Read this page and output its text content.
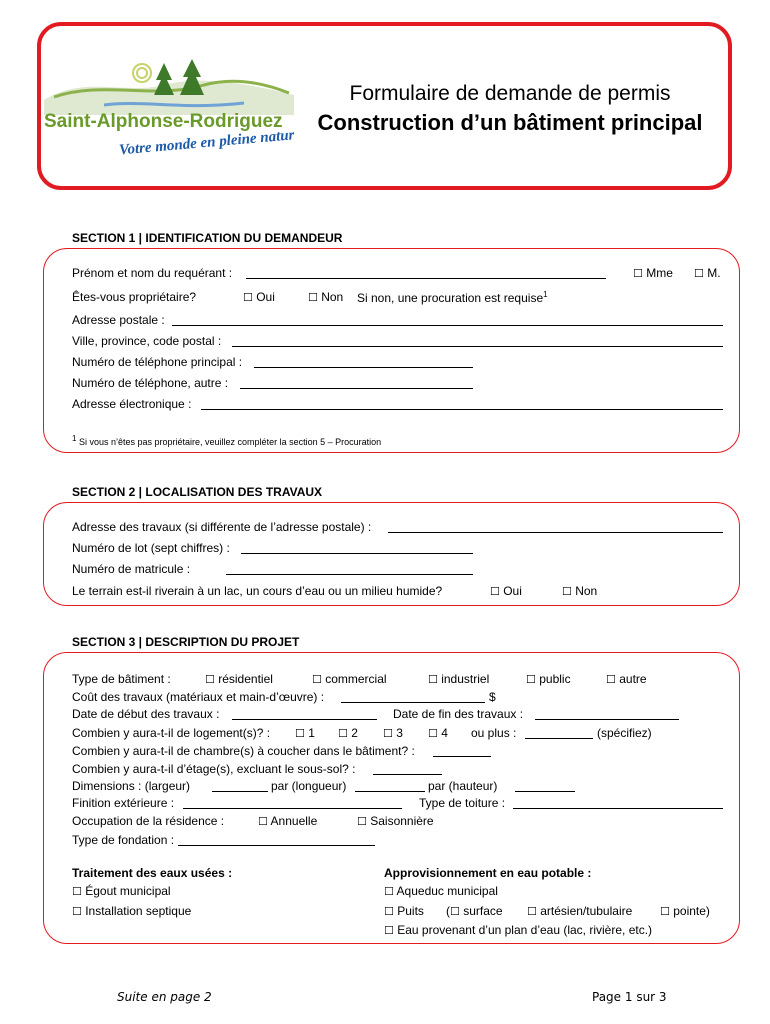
Saint-Alphonse-Rodriguez
Votre monde en pleine nature
Formulaire de demande de permis
Construction d’un bâtiment principal
SECTION 1 | IDENTIFICATION DU DEMANDEUR
Prénom et nom du requérant :	☐ Mme ☐ M.
Êtes-vous propriétaire?	☐ Oui	☐ Non Si non, une procuration est requise$^1$
Adresse postale :
Ville, province, code postal :
Numéro de téléphone principal :
Numéro de téléphone, autre :
Adresse électronique :
1 Si vous n’êtes pas propriétaire, veuillez compléter la section 5 – Procuration
SECTION 2 | LOCALISATION DES TRAVAUX
Adresse des travaux (si différente de l’adresse postale) :
Numéro de lot (sept chiffres) :
Numéro de matricule :
Le terrain est-il riverain à un lac, un cours d’eau ou un milieu humide?	☐ Oui	☐ Non
SECTION 3 | DESCRIPTION DU PROJET
Type de bâtiment :	☐ résidentiel	☐ commercial	☐ industriel	☐ public	☐ autre
Coût des travaux (matériaux et main-d’œuvre) :	$
Date de début des travaux :	Date de fin des travaux :
Combien y aura-t-il de logement(s)? : ☐ 1 ☐ 2 ☐ 3 ☐ 4 ou plus :	(spécifiez)
Combien y aura-t-il de chambre(s) à coucher dans le bâtiment? :
Combien y aura-t-il d’étage(s), excluant le sous-sol? :
Dimensions : (largeur)	par (longueur)	par (hauteur)
Finition extérieure :	Type de toiture :
Occupation de la résidence :	☐ Annuelle	☐ Saisonnière
Type de fondation :
Traitement des eaux usées :
☐ Égout municipal
☐ Installation septique
Approvisionnement en eau potable :
☐ Aqueduc municipal
☐ Puits (☐ surface ☐ artésien/tubulaire	☐ pointe)
☐ Eau provenant d’un plan d’eau (lac, rivière, etc.)
Suite en page 2	Page 1 sur 3
